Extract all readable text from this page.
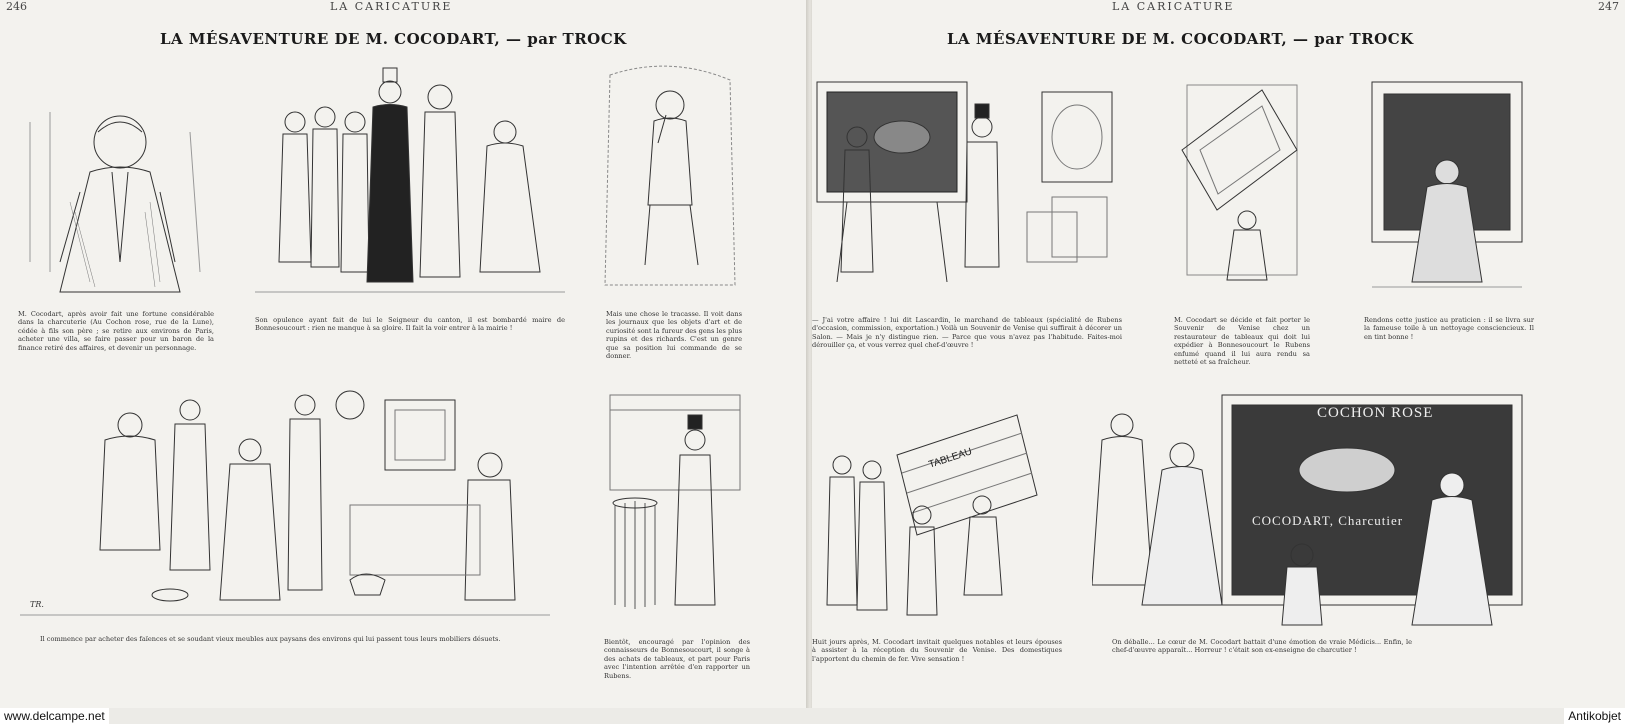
246	LA CARICATURE
LA MÉSAVENTURE DE M. COCODART, — par TROCK
M. Cocodart, après avoir fait une fortune considérable dans la charcuterie (Au Cochon rose, rue de la Lune), cédée à fils son père ; se retire aux environs de Paris, acheter une villa, se faire passer pour un baron de la finance retiré des affaires, et devenir un personnage.
Son opulence ayant fait de lui le Seigneur du canton, il est bombardé maire de Bonnesoucourt : rien ne manque à sa gloire. Il fait la voir entrer à la mairie !
Mais une chose le tracasse. Il voit dans les journaux que les objets d'art et de curiosité sont la fureur des gens les plus rupins et des richards. C'est un genre que sa position lui commande de se donner.
TR.
Il commence par acheter des faïences et se soudant vieux meubles aux paysans des environs qui lui passent tous leurs mobiliers désuets.	Bientôt, encouragé par l'opinion des connaisseurs de Bonnesoucourt, il songe à des achats de tableaux, et part pour Paris avec l'intention arrêtée d'en rapporter un Rubens.
LA CARICATURE	247
LA MÉSAVENTURE DE M. COCODART, — par TROCK
— J'ai votre affaire ! lui dit Lascardin, le marchand de tableaux (spécialité de Rubens d'occasion, commission, exportation.) Voilà un Souvenir de Venise qui suffirait à décorer un Salon. — Mais je n'y distingue rien. — Parce que vous n'avez pas l'habitude. Faites-moi dérouiller ça, et vous verrez quel chef-d'œuvre !
M. Cocodart se décide et fait porter le Souvenir de Venise chez un restaurateur de tableaux qui doit lui expédier à Bonnesoucourt le Rubens enfumé quand il lui aura rendu sa netteté et sa fraîcheur.
Rendons cette justice au praticien : il se livra sur la fameuse toile à un nettoyage consciencieux. Il en tint bonne !
TABLEAU
Huit jours après, M. Cocodart invitait quelques notables et leurs épouses à assister à la réception du Souvenir de Venise. Des domestiques l'apportent du chemin de fer. Vive sensation !
COCHON ROSE
COCODART, Charcutier
On déballe... Le cœur de M. Cocodart battait d'une émotion de vraie Médicis... Enfin, le chef-d'œuvre apparaît... Horreur ! c'était son ex-enseigne de charcutier !
www.delcampe.net	Antikobjet
